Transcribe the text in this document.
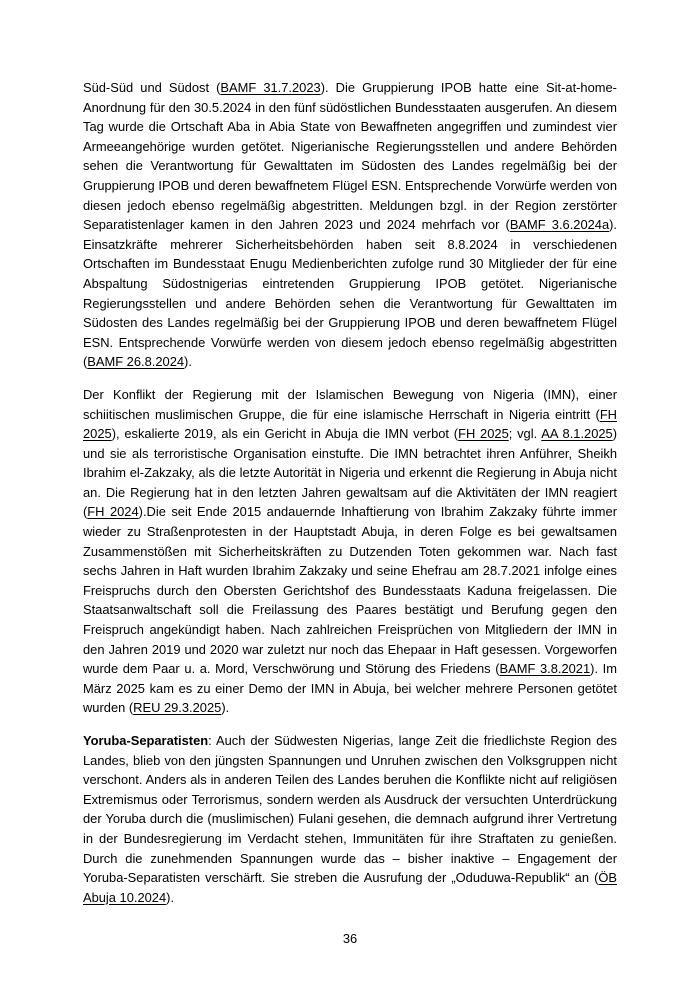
Süd-Süd und Südost (BAMF 31.7.2023). Die Gruppierung IPOB hatte eine Sit-at-home-Anordnung für den 30.5.2024 in den fünf südöstlichen Bundesstaaten ausgerufen. An diesem Tag wurde die Ortschaft Aba in Abia State von Bewaffneten angegriffen und zumindest vier Armeeangehörige wurden getötet. Nigerianische Regierungsstellen und andere Behörden sehen die Verantwortung für Gewalttaten im Südosten des Landes regelmäßig bei der Gruppierung IPOB und deren bewaffnetem Flügel ESN. Entsprechende Vorwürfe werden von diesen jedoch ebenso regelmäßig abgestritten. Meldungen bzgl. in der Region zerstörter Separatistenlager kamen in den Jahren 2023 und 2024 mehrfach vor (BAMF 3.6.2024a). Einsatzkräfte mehrerer Sicherheitsbehörden haben seit 8.8.2024 in verschiedenen Ortschaften im Bundesstaat Enugu Medienberichten zufolge rund 30 Mitglieder der für eine Abspaltung Südostnigerias eintretenden Gruppierung IPOB getötet. Nigerianische Regierungsstellen und andere Behörden sehen die Verantwortung für Gewalttaten im Südosten des Landes regelmäßig bei der Gruppierung IPOB und deren bewaffnetem Flügel ESN. Entsprechende Vorwürfe werden von diesem jedoch ebenso regelmäßig abgestritten (BAMF 26.8.2024).

Der Konflikt der Regierung mit der Islamischen Bewegung von Nigeria (IMN), einer schiitischen muslimischen Gruppe, die für eine islamische Herrschaft in Nigeria eintritt (FH 2025), eskalierte 2019, als ein Gericht in Abuja die IMN verbot (FH 2025; vgl. AA 8.1.2025) und sie als terroristische Organisation einstufte. Die IMN betrachtet ihren Anführer, Sheikh Ibrahim el-Zakzaky, als die letzte Autorität in Nigeria und erkennt die Regierung in Abuja nicht an. Die Regierung hat in den letzten Jahren gewaltsam auf die Aktivitäten der IMN reagiert (FH 2024).Die seit Ende 2015 andauernde Inhaftierung von Ibrahim Zakzaky führte immer wieder zu Straßenprotesten in der Hauptstadt Abuja, in deren Folge es bei gewaltsamen Zusammenstößen mit Sicherheitskräften zu Dutzenden Toten gekommen war. Nach fast sechs Jahren in Haft wurden Ibrahim Zakzaky und seine Ehefrau am 28.7.2021 infolge eines Freispruchs durch den Obersten Gerichtshof des Bundesstaats Kaduna freigelassen. Die Staatsanwaltschaft soll die Freilassung des Paares bestätigt und Berufung gegen den Freispruch angekündigt haben. Nach zahlreichen Freisprüchen von Mitgliedern der IMN in den Jahren 2019 und 2020 war zuletzt nur noch das Ehepaar in Haft gesessen. Vorgeworfen wurde dem Paar u. a. Mord, Verschwörung und Störung des Friedens (BAMF 3.8.2021). Im März 2025 kam es zu einer Demo der IMN in Abuja, bei welcher mehrere Personen getötet wurden (REU 29.3.2025).

Yoruba-Separatisten: Auch der Südwesten Nigerias, lange Zeit die friedlichste Region des Landes, blieb von den jüngsten Spannungen und Unruhen zwischen den Volksgruppen nicht verschont. Anders als in anderen Teilen des Landes beruhen die Konflikte nicht auf religiösen Extremismus oder Terrorismus, sondern werden als Ausdruck der versuchten Unterdrückung der Yoruba durch die (muslimischen) Fulani gesehen, die demnach aufgrund ihrer Vertretung in der Bundesregierung im Verdacht stehen, Immunitäten für ihre Straftaten zu genießen. Durch die zunehmenden Spannungen wurde das – bisher inaktive – Engagement der Yoruba-Separatisten verschärft. Sie streben die Ausrufung der „Oduduwa-Republik“ an (ÖB Abuja 10.2024).

36
